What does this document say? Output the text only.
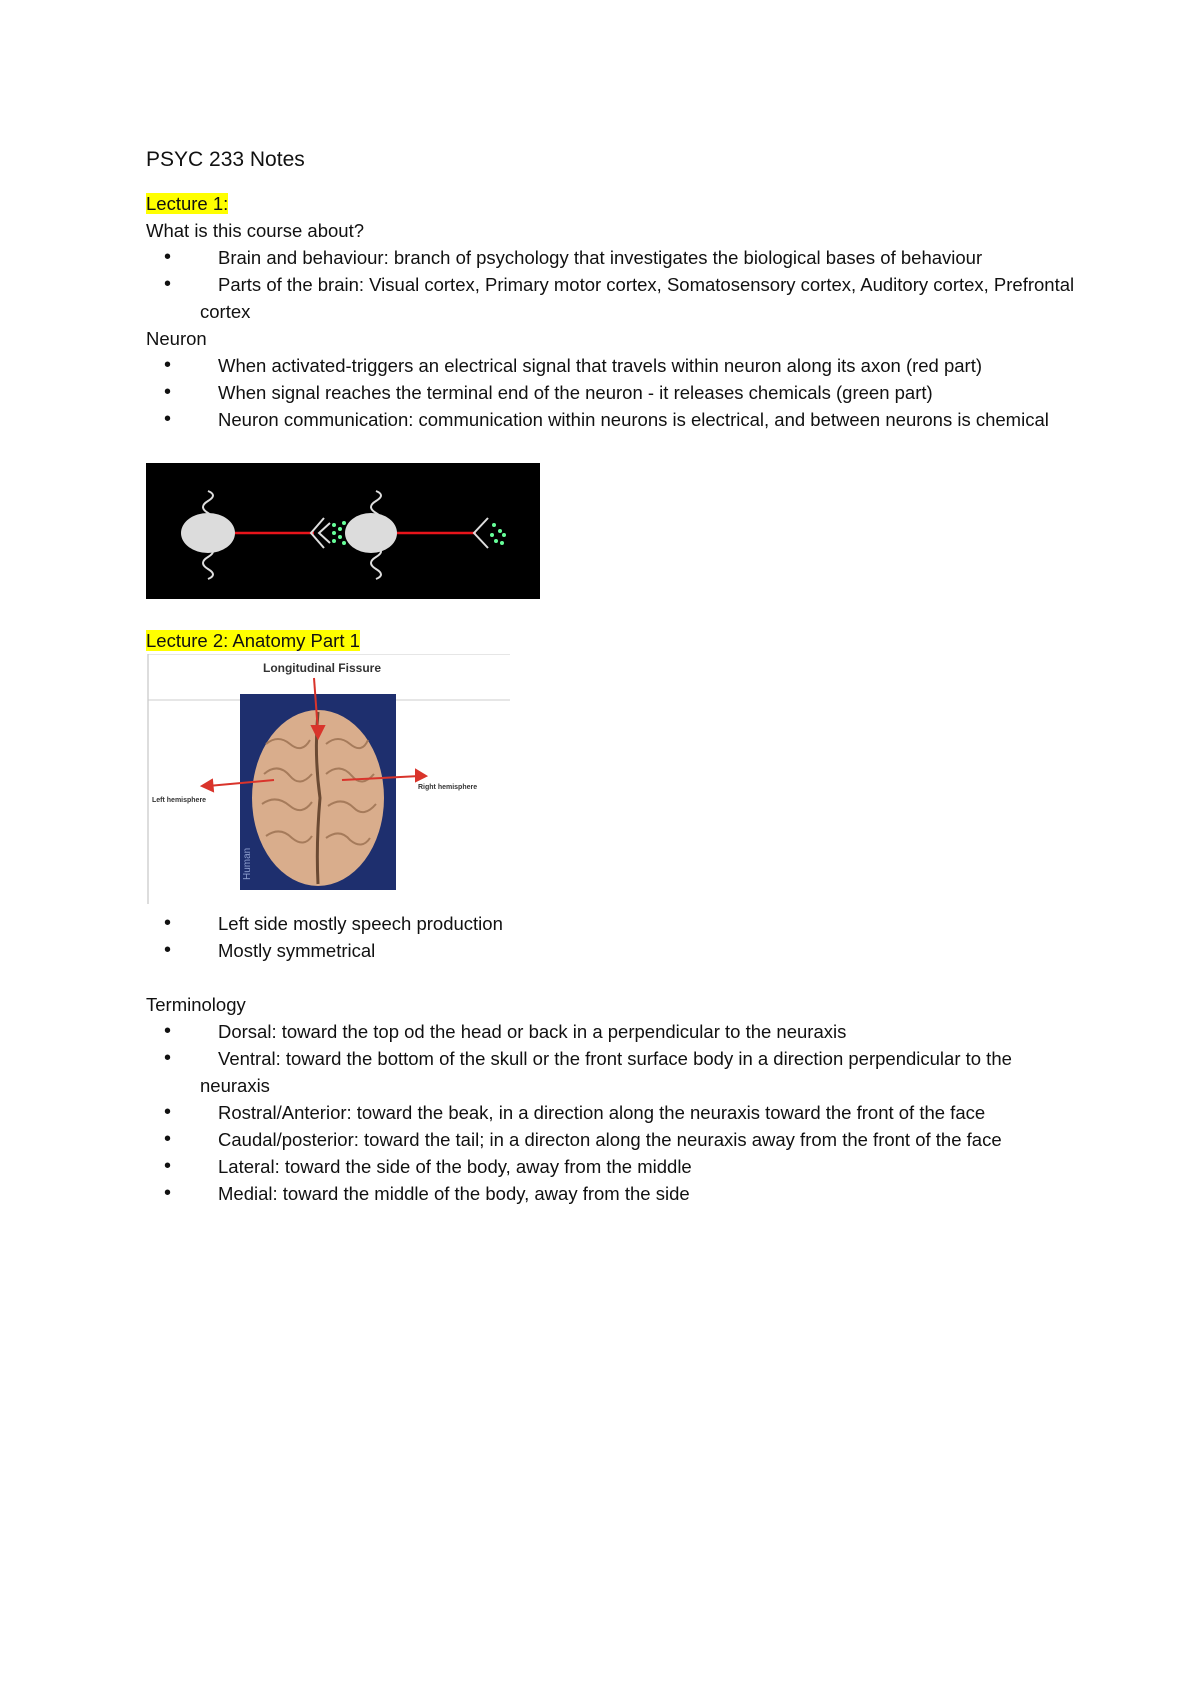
PSYC 233 Notes
Lecture 1:
What is this course about?
• Brain and behaviour: branch of psychology that investigates the biological bases of behaviour
• Parts of the brain: Visual cortex, Primary motor cortex, Somatosensory cortex, Auditory cortex, Prefrontal cortex
Neuron
• When activated-triggers an electrical signal that travels within neuron along its axon (red part)
• When signal reaches the terminal end of the neuron - it releases chemicals (green part)
• Neuron communication: communication within neurons is electrical, and between neurons is chemical
Lecture 2: Anatomy Part 1
Longitudinal Fissure
Left hemisphere
Right hemisphere
Human
• Left side mostly speech production
• Mostly symmetrical
Terminology
• Dorsal: toward the top od the head or back in a perpendicular to the neuraxis
• Ventral: toward the bottom of the skull or the front surface body in a direction perpendicular to the neuraxis
• Rostral/Anterior: toward the beak, in a direction along the neuraxis toward the front of the face
• Caudal/posterior: toward the tail; in a directon along the neuraxis away from the front of the face
• Lateral: toward the side of the body, away from the middle
• Medial: toward the middle of the body, away from the side
